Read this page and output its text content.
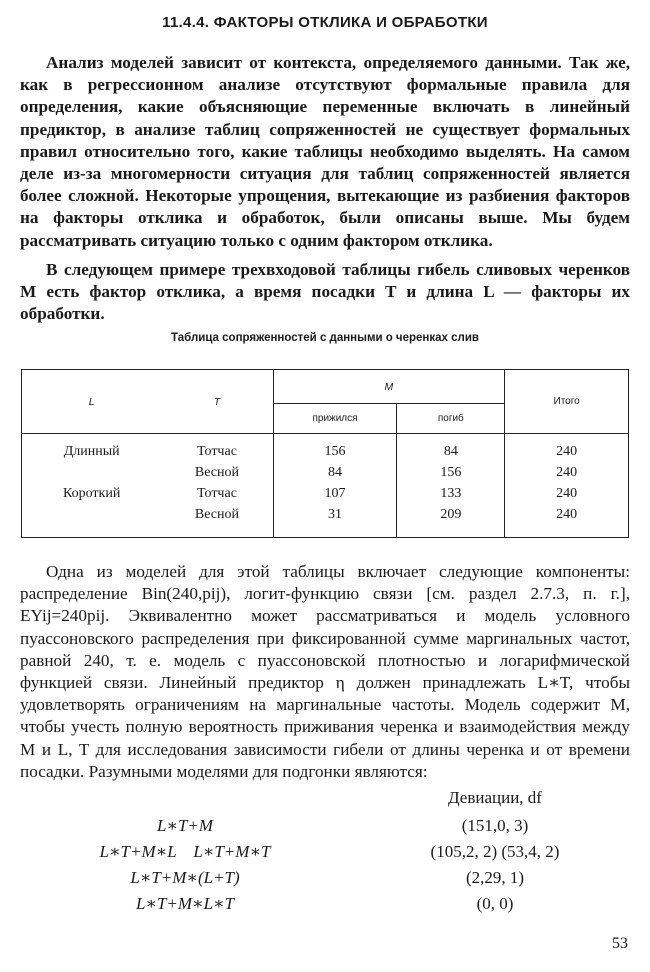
11.4.4. ФАКТОРЫ ОТКЛИКА И ОБРАБОТКИ

Анализ моделей зависит от контекста, определяемого данными. Так же, как в регрессионном анализе отсутствуют формальные правила для определения, какие объясняющие переменные включать в линейный предиктор, в анализе таблиц сопряженностей не существует формальных правил относительно того, какие таблицы необходимо выделять. На самом деле из-за многомерности ситуация для таблиц сопряженностей является более сложной. Некоторые упрощения, вытекающие из разбиения факторов на факторы отклика и обработок, были описаны выше. Мы будем рассматривать ситуацию только с одним фактором отклика.

В следующем примере трехвходовой таблицы гибель сливовых черенков M есть фактор отклика, а время посадки T и длина L — факторы их обработки.

Таблица сопряженностей с данными о черенках слив
L	T	M		Итого
		прижился	погиб	

Длинный	Тотчас	156	84	240
	Весной	84	156	240
Короткий	Тотчас	107	133	240
	Весной	31	209	240

Одна из моделей для этой таблицы включает следующие компоненты: распределение Bin(240,pij), логит-функцию связи [см. раздел 2.7.3, п. г.], EYij=240pij. Эквивалентно может рассматриваться и модель условного пуассоновского распределения при фиксированной сумме маргинальных частот, равной 240, т. е. модель с пуассоновской плотностью и логарифмической функцией связи. Линейный предиктор η должен принадлежать L∗T, чтобы удовлетворять ограничениям на маргинальные частоты. Модель содержит M, чтобы учесть полную вероятность приживания черенка и взаимодействия между M и L, T для исследования зависимости гибели от длины черенка и от времени посадки. Разумными моделями для подгонки являются:

Девиации, df
L∗T+M	(151,0, 3)
L∗T+M∗L    L∗T+M∗T	(105,2, 2) (53,4, 2)
L∗T+M∗(L+T)	(2,29, 1)
L∗T+M∗L∗T	(0, 0)
53
